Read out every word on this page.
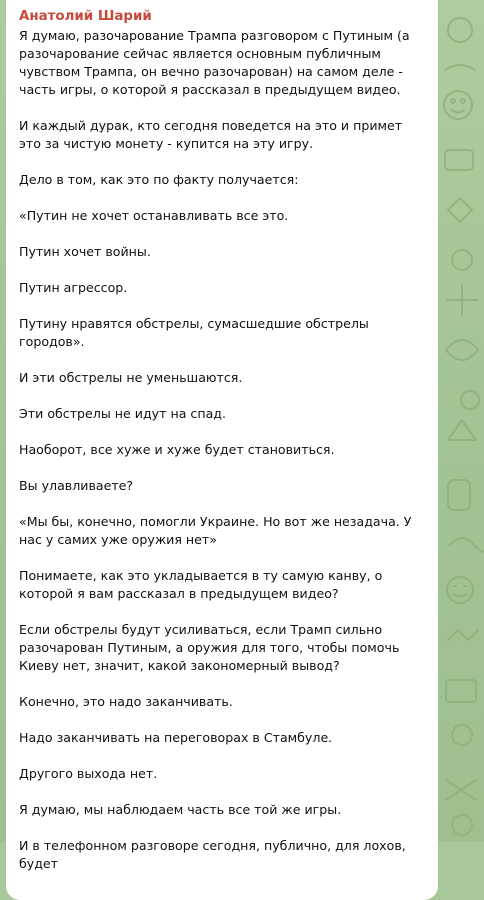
Анатолий Шарий

Я думаю, разочарование Трампа разговором с Путиным (а разочарование сейчас является основным публичным чувством Трампа, он вечно разочарован) на самом деле - часть игры, о которой я рассказал в предыдущем видео.

И каждый дурак, кто сегодня поведется на это и примет это за чистую монету - купится на эту игру.

Дело в том, как это по факту получается:

«Путин не хочет останавливать все это.

Путин хочет войны.

Путин агрессор.

Путину нравятся обстрелы, сумасшедшие обстрелы городов».

И эти обстрелы не уменьшаются.

Эти обстрелы не идут на спад.

Наоборот, все хуже и хуже будет становиться.

Вы улавливаете?

«Мы бы, конечно, помогли Украине. Но вот же незадача. У нас у самих уже оружия нет»

Понимаете, как это укладывается в ту самую канву, о которой я вам рассказал в предыдущем видео?

Если обстрелы будут усиливаться, если Трамп сильно разочарован Путиным, а оружия для того, чтобы помочь Киеву нет, значит, какой закономерный вывод?

Конечно, это надо заканчивать.

Надо заканчивать на переговорах в Стамбуле.

Другого выхода нет.

Я думаю, мы наблюдаем часть все той же игры.

И в телефонном разговоре сегодня, публично, для лохов, будет
